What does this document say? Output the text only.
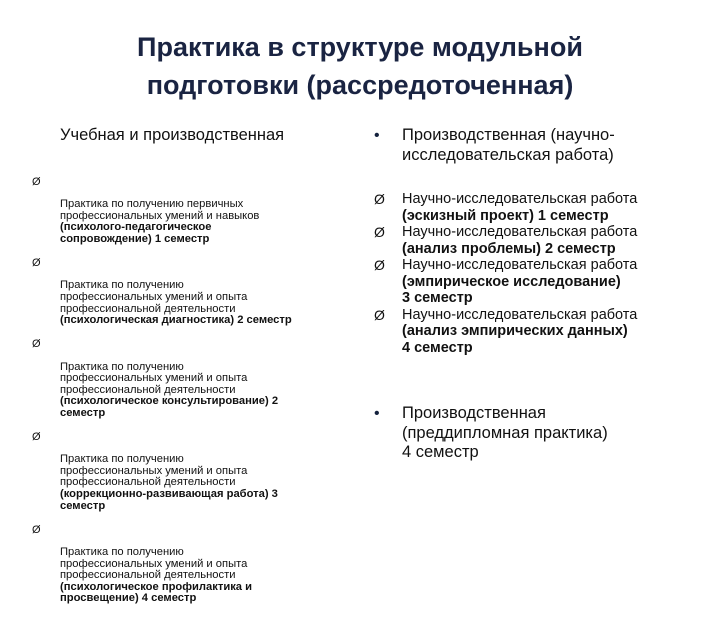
Практика в структуре модульной
подготовки (рассредоточенная)
Учебная и производственная

Ø

Практика по получению первичных
профессиональных умений и навыков

(психолого-педагогическое
сопровождение) 1 семестр

Ø

Практика по получению
профессиональных умений и опыта
профессиональной деятельности

(психологическая диагностика) 2 семестр

Ø

Практика по получению
профессиональных умений и опыта
профессиональной деятельности

(психологическое консультирование) 2
семестр

Ø

Практика по получению
профессиональных умений и опыта
профессиональной деятельности

(коррекционно-развивающая работа) 3
семестр

Ø

Практика по получению
профессиональных умений и опыта
профессиональной деятельности

(психологическое профилактика и
просвещение) 4 семестр

• Производственная (научно-
исследовательская работа)
Ø Научно-исследовательская работа
(эскизный проект) 1 семестр
Ø Научно-исследовательская работа
(анализ проблемы) 2 семестр
Ø Научно-исследовательская работа
(эмпирическое исследование)
3 семестр
Ø Научно-исследовательская работа
(анализ эмпирических данных)
4 семестр
• Производственная
(преддипломная практика)
4 семестр
